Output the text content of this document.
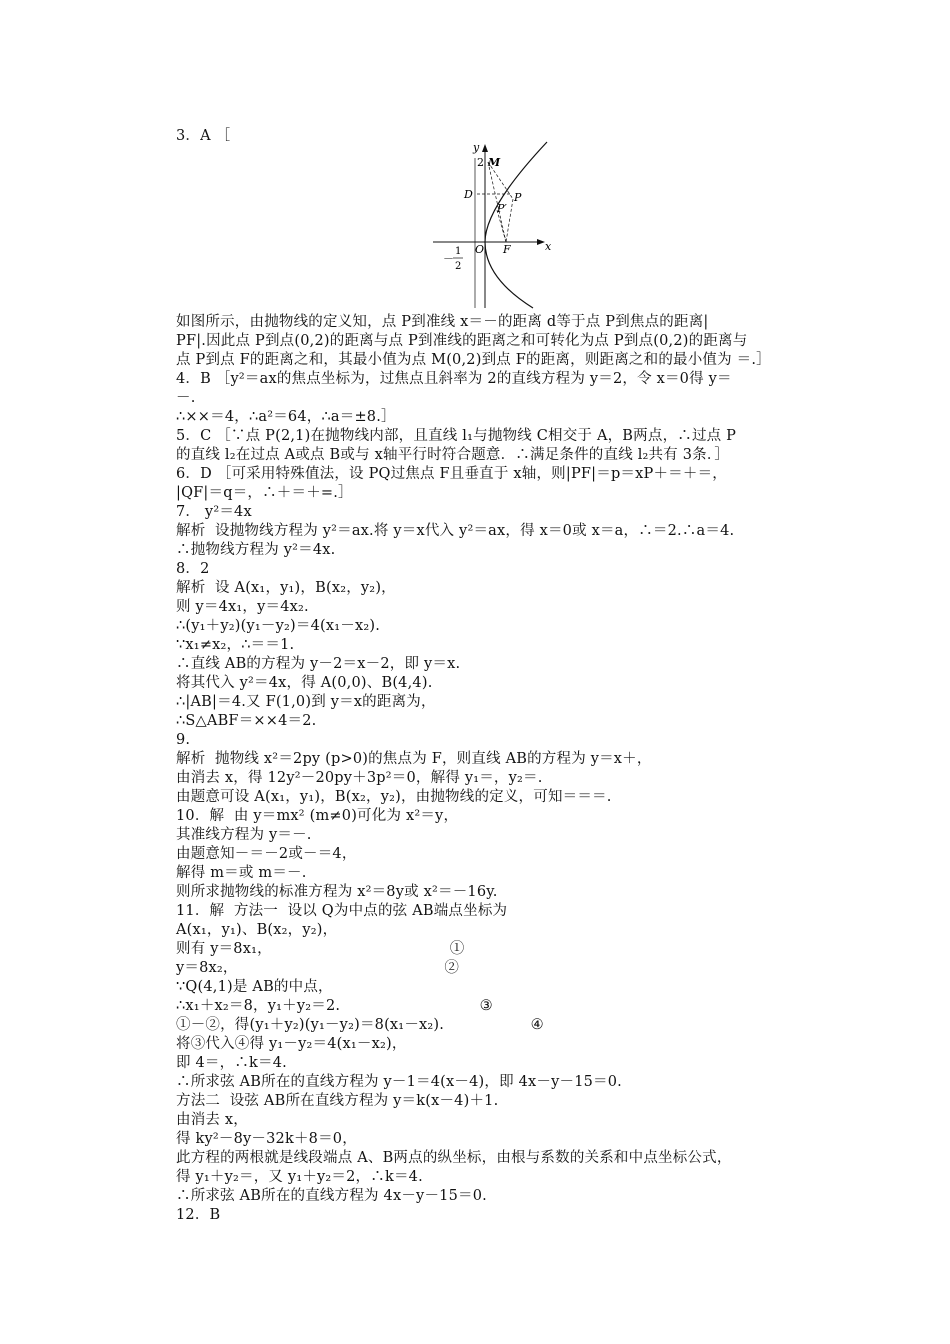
3．A ［
y
x
2 M
D	P
P′
O F
－
1
2
如图所示，由抛物线的定义知，点 P到准线 x＝－的距离 d等于点 P到焦点的距离|
PF|.因此点 P到点(0,2)的距离与点 P到准线的距离之和可转化为点 P到点(0,2)的距离与
点 P到点 F的距离之和，其最小值为点 M(0,2)到点 F的距离，则距离之和的最小值为 ＝.］
4．B ［y²＝ax的焦点坐标为，过焦点且斜率为 2的直线方程为 y＝2，令 x＝0得 y＝
－.
∴××＝4，∴a²＝64，∴a＝±8.］
5．C ［∵点 P(2,1)在抛物线内部，且直线 l₁与抛物线 C相交于 A，B两点，∴过点 P
的直线 l₂在过点 A或点 B或与 x轴平行时符合题意．∴满足条件的直线 l₂共有 3条．］
6．D ［可采用特殊值法，设 PQ过焦点 F且垂直于 x轴，则|PF|＝p＝xP＋＝＋＝，
|QF|＝q＝，∴＋＝＋=.］
7． y²＝4x
解析  设抛物线方程为 y²＝ax.将 y＝x代入 y²＝ax，得 x＝0或 x＝a，∴＝2.∴a＝4.
∴抛物线方程为 y²＝4x.
8．2
解析  设 A(x₁，y₁)，B(x₂，y₂)，
则 y＝4x₁，y＝4x₂.
∴(y₁＋y₂)(y₁－y₂)＝4(x₁－x₂).
∵x₁≠x₂，∴＝＝1.
∴直线 AB的方程为 y－2＝x－2，即 y＝x.
将其代入 y²＝4x，得 A(0,0)、B(4,4).
∴|AB|＝4.又 F(1,0)到 y＝x的距离为，
∴S△ABF＝××4＝2.
9.
解析  抛物线 x²＝2py (p>0)的焦点为 F，则直线 AB的方程为 y＝x＋，
由消去 x，得 12y²－20py＋3p²＝0，解得 y₁＝，y₂＝.
由题意可设 A(x₁，y₁)，B(x₂，y₂)，由抛物线的定义，可知＝＝＝.
10．解  由 y＝mx² (m≠0)可化为 x²＝y，
其准线方程为 y＝－.
由题意知－＝－2或－＝4，
解得 m＝或 m＝－.
则所求抛物线的标准方程为 x²＝8y或 x²＝－16y.
11．解  方法一  设以 Q为中点的弦 AB端点坐标为
A(x₁，y₁)、B(x₂，y₂)，
则有 y＝8x₁，                                     ①
y＝8x₂，                                           ②
∵Q(4,1)是 AB的中点，
∴x₁＋x₂＝8，y₁＋y₂＝2.                             ③
①－②，得(y₁＋y₂)(y₁－y₂)＝8(x₁－x₂).                  ④
将③代入④得 y₁－y₂＝4(x₁－x₂)，
即 4＝，∴k＝4.
∴所求弦 AB所在的直线方程为 y－1＝4(x－4)，即 4x－y－15＝0.
方法二  设弦 AB所在直线方程为 y＝k(x－4)＋1.
由消去 x，
得 ky²－8y－32k＋8＝0，
此方程的两根就是线段端点 A、B两点的纵坐标，由根与系数的关系和中点坐标公式，
得 y₁＋y₂＝，又 y₁＋y₂＝2，∴k＝4.
∴所求弦 AB所在的直线方程为 4x－y－15＝0.
12．B
